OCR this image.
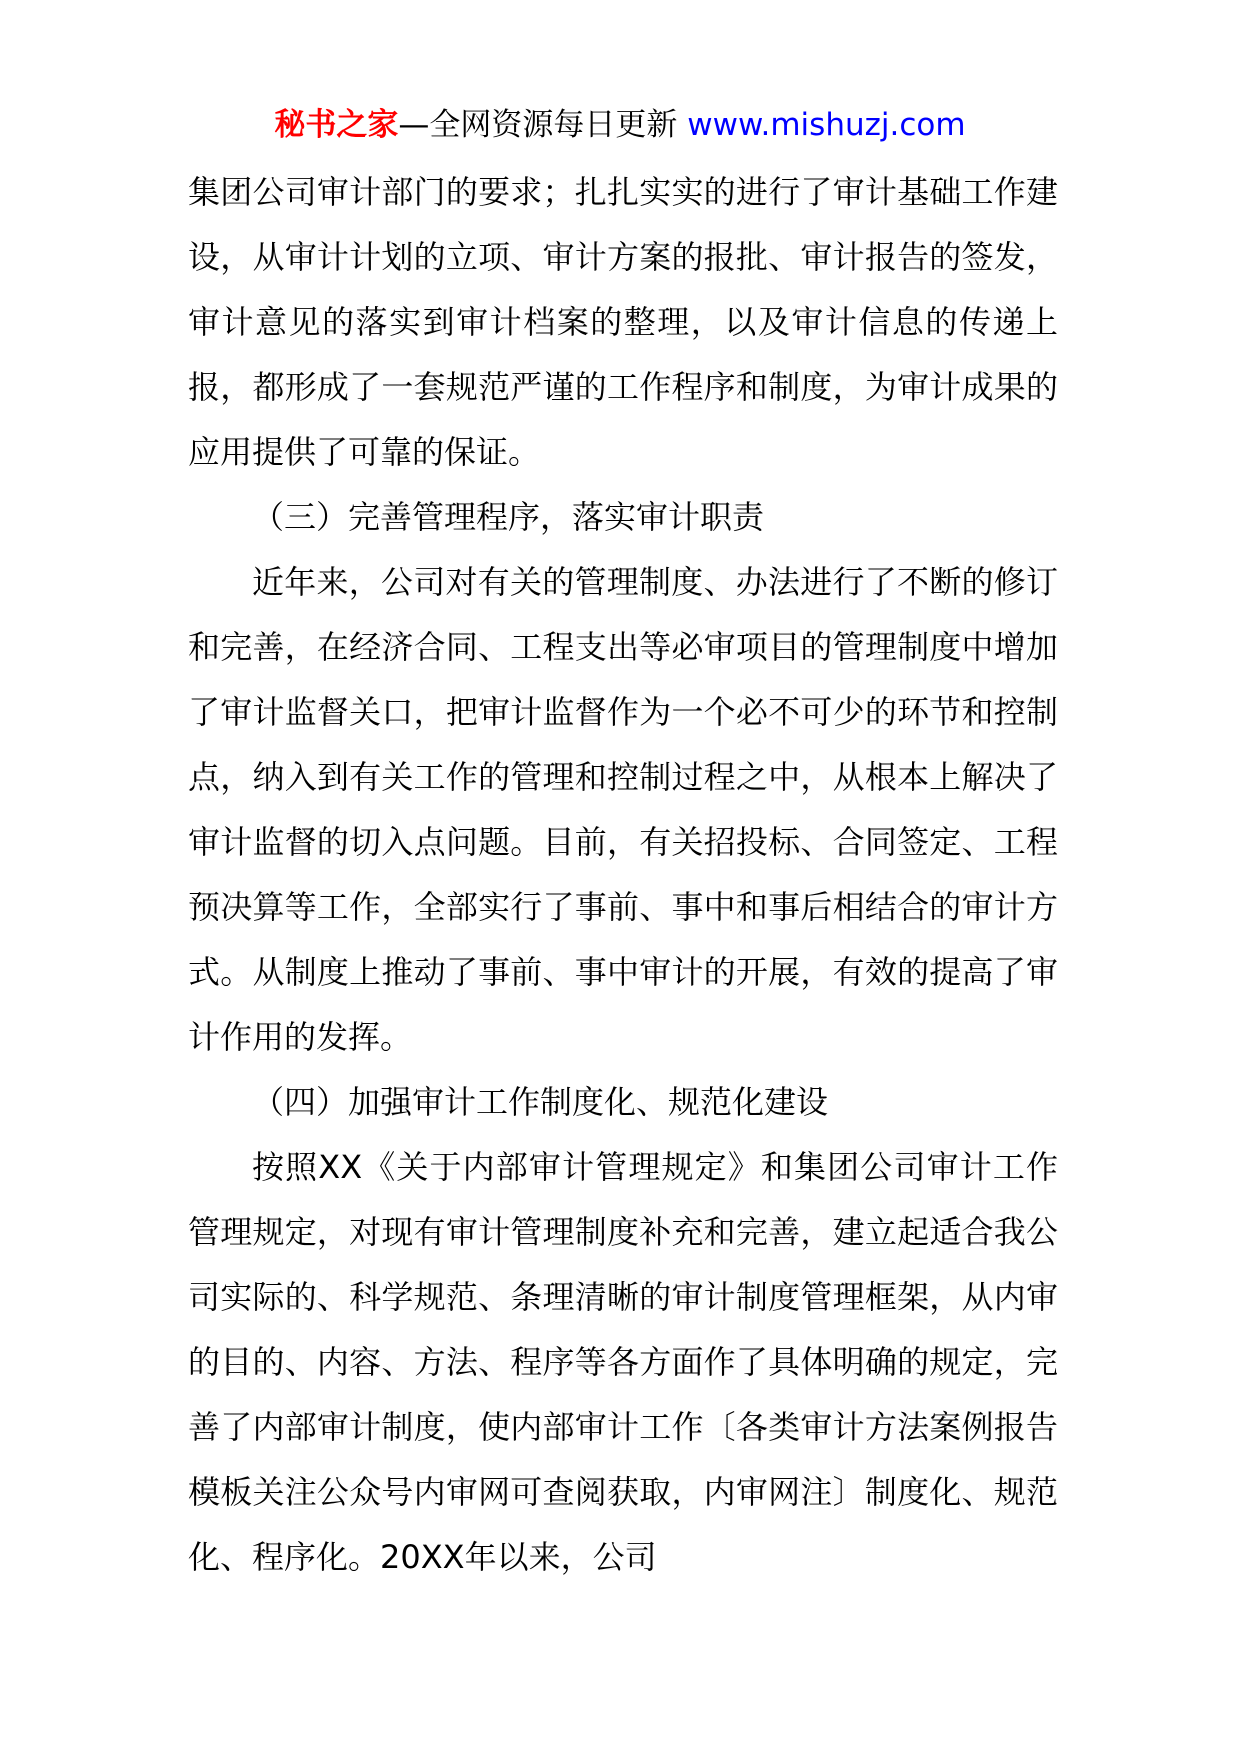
秘书之家—全网资源每日更新 www.mishuzj.com

集团公司审计部门的要求；扎扎实实的进行了审计基础工作建设，从审计计划的立项、审计方案的报批、审计报告的签发，审计意见的落实到审计档案的整理，以及审计信息的传递上报，都形成了一套规范严谨的工作程序和制度，为审计成果的应用提供了可靠的保证。

（三）完善管理程序，落实审计职责

近年来，公司对有关的管理制度、办法进行了不断的修订和完善，在经济合同、工程支出等必审项目的管理制度中增加了审计监督关口，把审计监督作为一个必不可少的环节和控制点，纳入到有关工作的管理和控制过程之中，从根本上解决了审计监督的切入点问题。目前，有关招投标、合同签定、工程预决算等工作，全部实行了事前、事中和事后相结合的审计方式。从制度上推动了事前、事中审计的开展，有效的提高了审计作用的发挥。

（四）加强审计工作制度化、规范化建设

按照XX《关于内部审计管理规定》和集团公司审计工作管理规定，对现有审计管理制度补充和完善，建立起适合我公司实际的、科学规范、条理清晰的审计制度管理框架，从内审的目的、内容、方法、程序等各方面作了具体明确的规定，完善了内部审计制度，使内部审计工作〔各类审计方法案例报告模板关注公众号内审网可查阅获取，内审网注〕制度化、规范化、程序化。20XX年以来，公司
